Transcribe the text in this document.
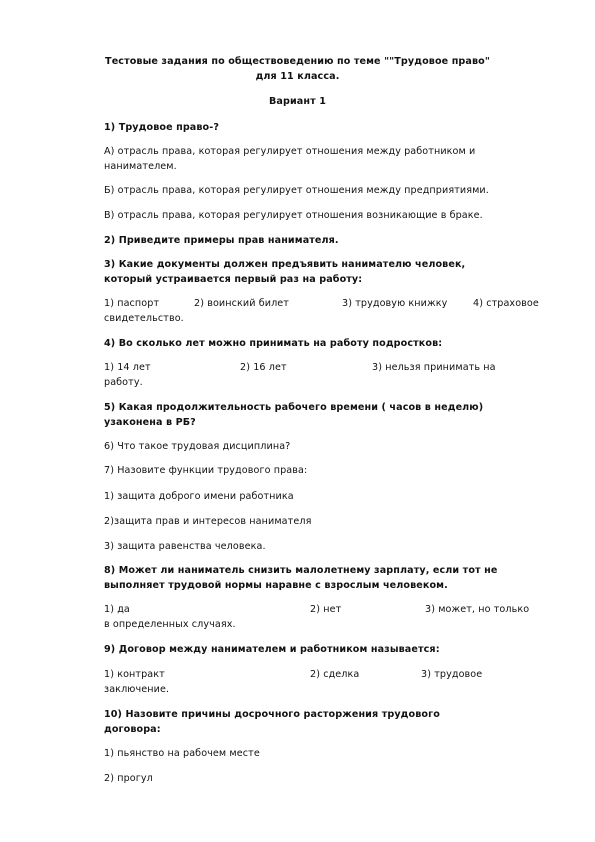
Тестовые задания по обществоведению по теме ""Трудовое право"
для 11 класса.
Вариант 1
1) Трудовое право-?
А) отрасль права, которая регулирует отношения между работником и
нанимателем.
Б) отрасль права, которая регулирует отношения между предприятиями.
В) отрасль права, которая регулирует отношения возникающие в браке.
2) Приведите примеры прав нанимателя.
3) Какие документы должен предъявить нанимателю человек,
который устраивается первый раз на работу:
1) паспорт	2) воинский билет	3) трудовую книжку	4) страховое
свидетельство.
4) Во сколько лет можно принимать на работу подростков:
1) 14 лет	2) 16 лет	3) нельзя принимать на
работу.
5) Какая продолжительность рабочего времени ( часов в неделю)
узаконена в РБ?
6) Что такое трудовая дисциплина?
7) Назовите функции трудового права:
1) защита доброго имени работника
2)защита прав и интересов нанимателя
3) защита равенства человека.
8) Может ли наниматель снизить малолетнему зарплату, если тот не
выполняет трудовой нормы наравне с взрослым человеком.
1) да	2) нет	3) может, но только
в определенных случаях.
9) Договор между нанимателем и работником называется:
1) контракт	2) сделка	3) трудовое
заключение.
10) Назовите причины досрочного расторжения трудового
договора:
1) пьянство на рабочем месте
2) прогул
